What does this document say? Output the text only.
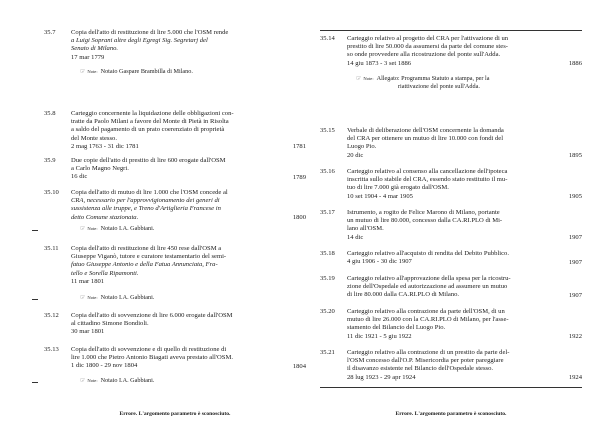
35.7	Copia dell'atto di restituzione di lire 5.000 che l'OSM rende
a Luigi Soprani altre degli Egregi Sig. Segretarj del
Senato di Milano.
17 mar 1779
☞ $^{Note:}$ Notaio Gaspare Brambilla di Milano.
35.8	Carteggio concernente la liquidazione delle obbligazioni con-
tratte da Paolo Milani a favore del Monte di Pietà in Risolta
a saldo del pagamento di un prato coerenziato di proprietà
del Monte stesso.
2 mag 1763 - 31 dic 1781	1781
35.9	Due copie dell'atto di prestito di lire 600 erogate dall'OSM
a Carlo Magno Negri.
16 dic	1789
35.10	Copia dell'atto di mutuo di lire 1.000 che l'OSM concede al
CRA, necessario per l'approvvigionamento dei generi di
sussistenza alle truppe, e Treno d'Artiglieria Francese in
detto Comune stazionata.	1800
☞ $^{Note:}$ Notaio I.A. Gabbiani.
35.11	Copia dell'atto di restituzione di lire 450 rese dall'OSM a
Giuseppe Viganò, tutore e curatore testamentario del semi-
fatuo Giuseppe Antonio e della Fatua Annunciata, Fra-
tello e Sorella Ripamonti.
11 mar 1801
☞ $^{Note:}$ Notaio I.A. Gabbiani.
35.12	Copia dell'atto di sovvenzione di lire 6.000 erogate dall'OSM
al cittadino Simone Bondioli.
30 mar 1801
35.13	Copia dell'atto di sovvenzione e di quello di restituzione di
lire 1.000 che Pietro Antonio Biagati aveva prestato all'OSM.
1 dic 1800 - 29 nov 1804	1804
☞ $^{Note:}$ Notaio I.A. Gabbiani.
Errore. L'argomento parametro è sconosciuto.
35.14	Carteggio relativo al progetto del CRA per l'attivazione di un
prestito di lire 50.000 da assumersi da parte del comune stes-
so onde provvedere alla ricostruzione del ponte sull'Adda.
14 giu 1873 - 3 set 1886	1886
☞ $^{Note:}$ Allegato: Programma Statuto a stampa, per la
riattivazione del ponte sull'Adda.
35.15	Verbale di deliberazione dell'OSM concernente la domanda
del CRA per ottenere un mutuo di lire 10.000 con fondi del
Luogo Pio.
20 dic	1895
35.16	Carteggio relativo al consenso alla cancellazione dell'ipoteca
inscritta sullo stabile del CRA, essendo stato restituito il mu-
tuo di lire 7.000 già erogato dall'OSM.
10 set 1904 - 4 mar 1905	1905
35.17	Istrumento, a rogito de Felice Marono di Milano, portante
un mutuo di lire 80.000, concesso dalla CA.RI.PLO di Mi-
lano all'OSM.
14 dic	1907
35.18	Carteggio relativo all'acquisto di rendita del Debito Pubblico.
4 giu 1906 - 30 dic 1907	1907
35.19	Carteggio relativo all'approvazione della spesa per la ricostru-
zione dell'Ospedale ed autorizzazione ad assumere un mutuo
di lire 80.000 dalla CA.RI.PLO di Milano.	1907
35.20	Carteggio relativo alla contrazione da parte dell'OSM, di un
mutuo di lire 26.000 con la CA.RI.PLO di Milano, per l'asse-
stamento del Bilancio del Luogo Pio.
11 dic 1921 - 5 giu 1922	1922
35.21	Carteggio relativo alla contrazione di un prestito da parte del-
l'OSM concesso dall'O.P. Misericordia per poter pareggiare
il disavanzo esistente nel Bilancio dell'Ospedale stesso.
28 lug 1923 - 29 apr 1924	1924
Errore. L'argomento parametro è sconosciuto.
